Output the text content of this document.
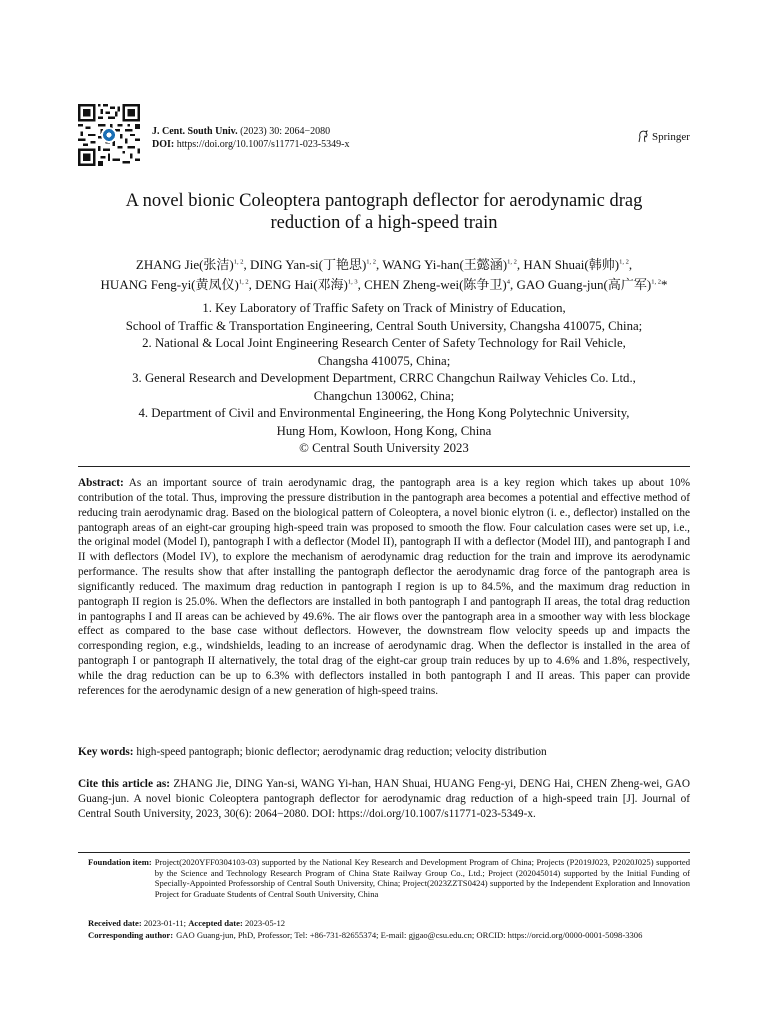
J. Cent. South Univ. (2023) 30: 2064−2080
DOI: https://doi.org/10.1007/s11771-023-5349-x
Springer
A novel bionic Coleoptera pantograph deflector for aerodynamic drag
reduction of a high-speed train
ZHANG Jie(张洁)$^{1, 2}$, DING Yan-si(丁艳思)$^{1, 2}$, WANG Yi-han(王懿涵)$^{1, 2}$, HAN Shuai(韩帅)$^{1, 2}$,
HUANG Feng-yi(黄凤仪)$^{1, 2}$, DENG Hai(邓海)$^{1, 3}$, CHEN Zheng-wei(陈争卫)$^4$, GAO Guang-jun(高广军)$^{1, 2}$*
1. Key Laboratory of Traffic Safety on Track of Ministry of Education,
School of Traffic & Transportation Engineering, Central South University, Changsha 410075, China;
2. National & Local Joint Engineering Research Center of Safety Technology for Rail Vehicle,
Changsha 410075, China;
3. General Research and Development Department, CRRC Changchun Railway Vehicles Co. Ltd.,
Changchun 130062, China;
4. Department of Civil and Environmental Engineering, the Hong Kong Polytechnic University,
Hung Hom, Kowloon, Hong Kong, China
© Central South University 2023
Abstract: As an important source of train aerodynamic drag, the pantograph area is a key region which takes up about 10% contribution of the total. Thus, improving the pressure distribution in the pantograph area becomes a potential and effective method of reducing train aerodynamic drag. Based on the biological pattern of Coleoptera, a novel bionic elytron (i. e., deflector) installed on the pantograph areas of an eight-car grouping high-speed train was proposed to smooth the flow. Four calculation cases were set up, i.e., the original model (Model I), pantograph I with a deflector (Model II), pantograph II with a deflector (Model III), and pantograph I and II with deflectors (Model IV), to explore the mechanism of aerodynamic drag reduction for the train and improve its aerodynamic performance. The results show that after installing the pantograph deflector the aerodynamic drag force of the pantograph area is significantly reduced. The maximum drag reduction in pantograph I region is up to 84.5%, and the maximum drag reduction in pantograph II region is 25.0%. When the deflectors are installed in both pantograph I and pantograph II areas, the total drag reduction in pantographs I and II areas can be achieved by 49.6%. The air flows over the pantograph area in a smoother way with less blockage effect as compared to the base case without deflectors. However, the downstream flow velocity speeds up and impacts the corresponding region, e.g., windshields, leading to an increase of aerodynamic drag. When the deflector is installed in the area of pantograph I or pantograph II alternatively, the total drag of the eight-car group train reduces by up to 4.6% and 1.8%, respectively, while the drag reduction can be up to 6.3% with deflectors installed in both pantograph I and II areas. This paper can provide references for the aerodynamic design of a new generation of high-speed trains.
Key words: high-speed pantograph; bionic deflector; aerodynamic drag reduction; velocity distribution
Cite this article as: ZHANG Jie, DING Yan-si, WANG Yi-han, HAN Shuai, HUANG Feng-yi, DENG Hai, CHEN Zheng-wei, GAO Guang-jun. A novel bionic Coleoptera pantograph deflector for aerodynamic drag reduction of a high-speed train [J]. Journal of Central South University, 2023, 30(6): 2064−2080. DOI: https://doi.org/10.1007/s11771-023-5349-x.
Foundation item: Project(2020YFF0304103-03) supported by the National Key Research and Development Program of China; Projects (P2019J023, P2020J025) supported by the Science and Technology Research Program of China State Railway Group Co., Ltd.; Project (202045014) supported by the Initial Funding of Specially-Appointed Professorship of Central South University, China; Project(2023ZZTS0424) supported by the Independent Exploration and Innovation Project for Graduate Students of Central South University, China
Received date: 2023-01-11; Accepted date: 2023-05-12
Corresponding author: GAO Guang-jun, PhD, Professor; Tel: +86-731-82655374; E-mail: gjgao@csu.edu.cn; ORCID: https://orcid.org/0000-0001-5098-3306
